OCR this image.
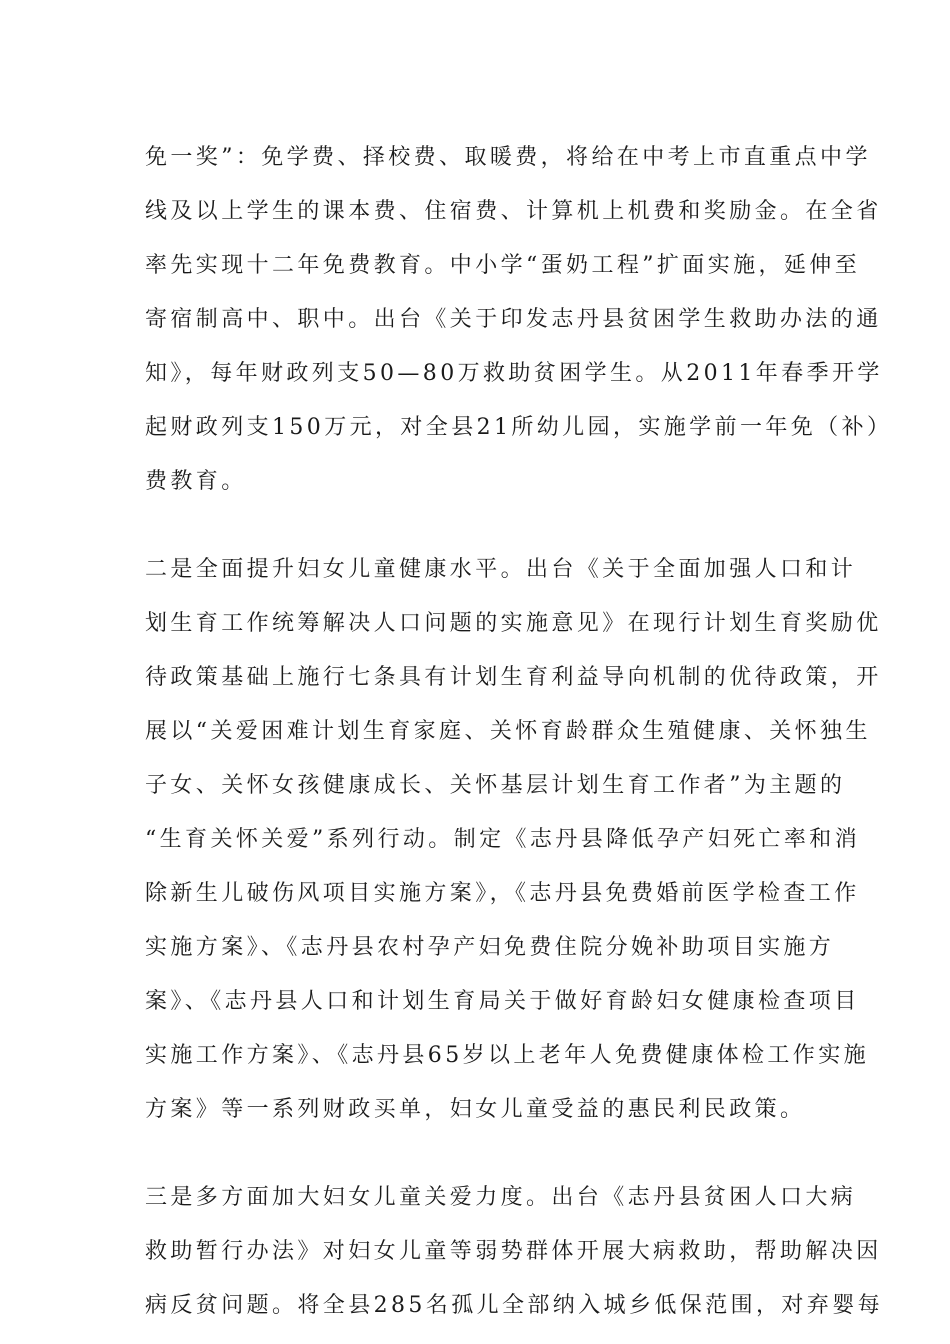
免一奖”：免学费、择校费、取暖费，将给在中考上市直重点中学
线及以上学生的课本费、住宿费、计算机上机费和奖励金。在全省
率先实现十二年免费教育。中小学“蛋奶工程”扩面实施，延伸至
寄宿制高中、职中。出台《关于印发志丹县贫困学生救助办法的通
知》，每年财政列支50—80万救助贫困学生。从2011年春季开学
起财政列支150万元，对全县21所幼儿园，实施学前一年免（补）
费教育。
二是全面提升妇女儿童健康水平。出台《关于全面加强人口和计
划生育工作统筹解决人口问题的实施意见》在现行计划生育奖励优
待政策基础上施行七条具有计划生育利益导向机制的优待政策，开
展以“关爱困难计划生育家庭、关怀育龄群众生殖健康、关怀独生
子女、关怀女孩健康成长、关怀基层计划生育工作者”为主题的
“生育关怀关爱”系列行动。制定《志丹县降低孕产妇死亡率和消
除新生儿破伤风项目实施方案》，《志丹县免费婚前医学检查工作
实施方案》、《志丹县农村孕产妇免费住院分娩补助项目实施方
案》、《志丹县人口和计划生育局关于做好育龄妇女健康检查项目
实施工作方案》、《志丹县65岁以上老年人免费健康体检工作实施
方案》等一系列财政买单，妇女儿童受益的惠民利民政策。
三是多方面加大妇女儿童关爱力度。出台《志丹县贫困人口大病
救助暂行办法》对妇女儿童等弱势群体开展大病救助，帮助解决因
病反贫问题。将全县285名孤儿全部纳入城乡低保范围，对弃婴每
